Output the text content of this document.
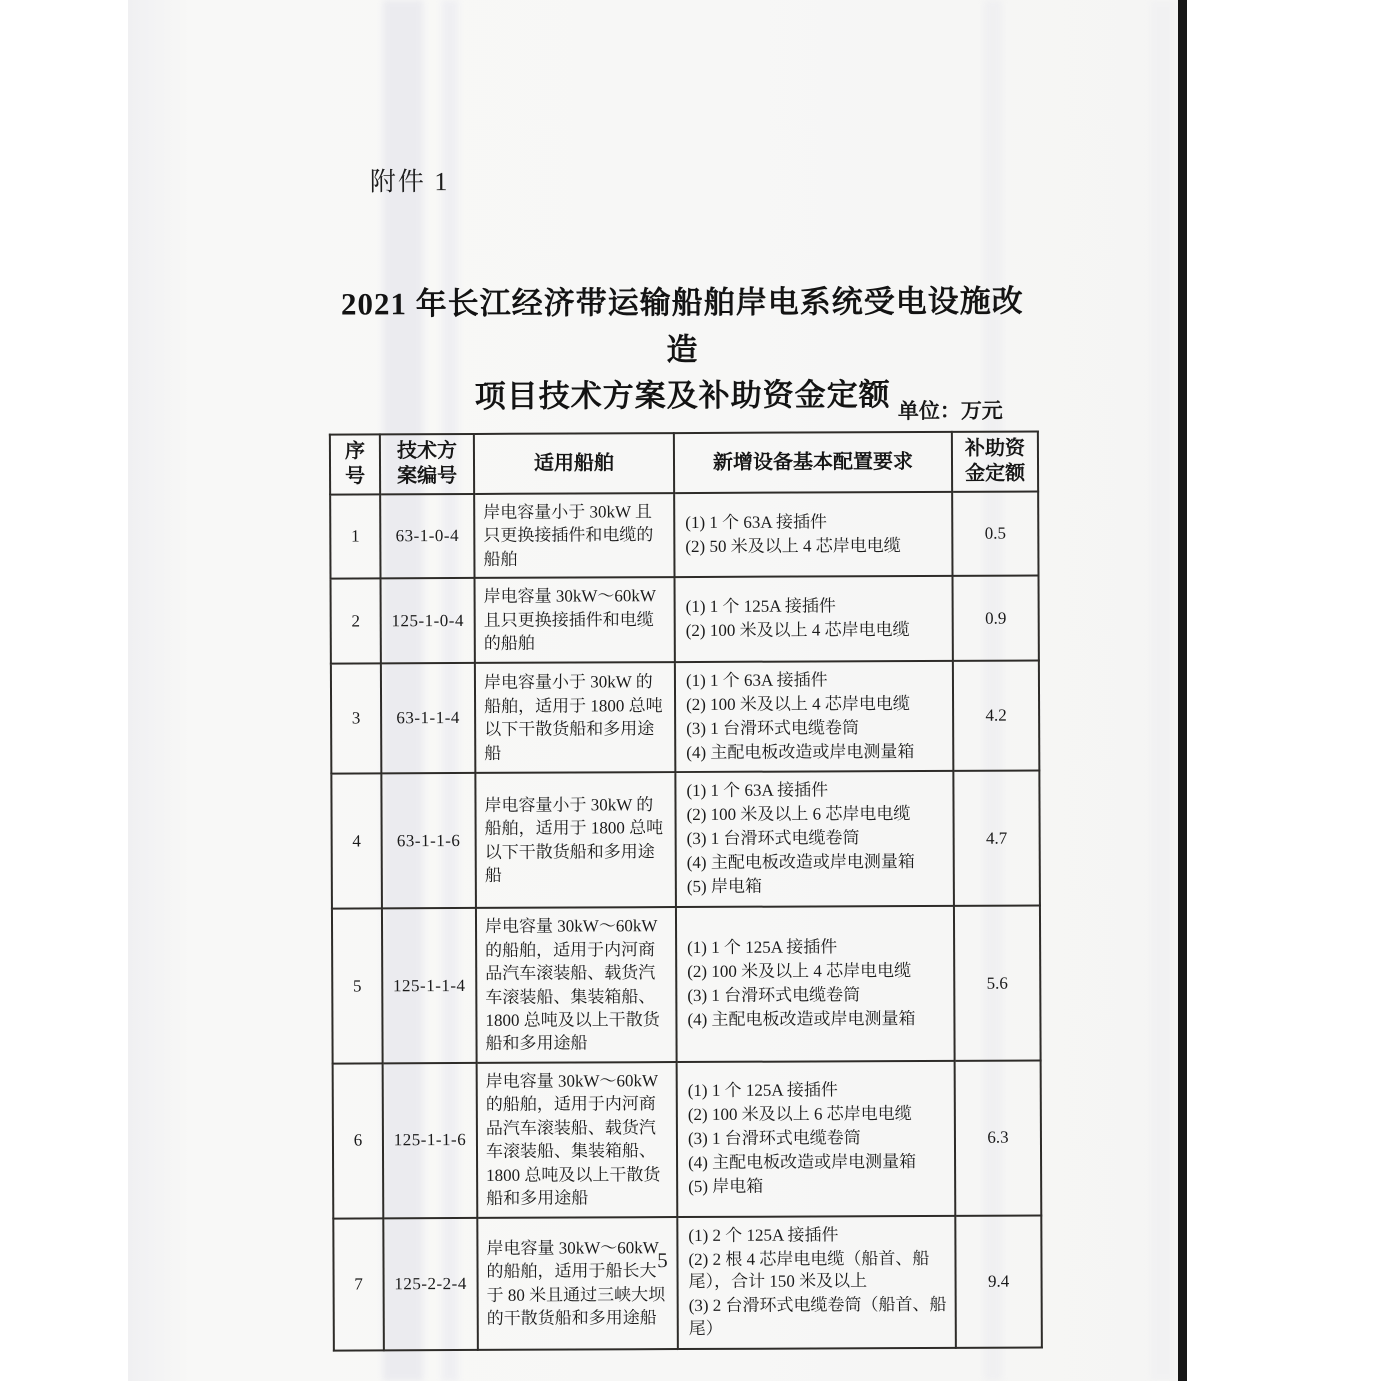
附件 1
2021 年长江经济带运输船舶岸电系统受电设施改造
项目技术方案及补助资金定额 单位：万元
序号	技术方案编号	适用船舶	新增设备基本配置要求	补助资金定额
1	63-1-0-4	岸电容量小于 30kW 且只更换接插件和电缆的船舶	(1) 1 个 63A 接插件
(2) 50 米及以上 4 芯岸电电缆	0.5
2	125-1-0-4	岸电容量 30kW～60kW 且只更换接插件和电缆的船舶	(1) 1 个 125A 接插件
(2) 100 米及以上 4 芯岸电电缆	0.9
3	63-1-1-4	岸电容量小于 30kW 的船舶，适用于 1800 总吨以下干散货船和多用途船	(1) 1 个 63A 接插件
(2) 100 米及以上 4 芯岸电电缆
(3) 1 台滑环式电缆卷筒
(4) 主配电板改造或岸电测量箱	4.2
4	63-1-1-6	岸电容量小于 30kW 的船舶，适用于 1800 总吨以下干散货船和多用途船	(1) 1 个 63A 接插件
(2) 100 米及以上 6 芯岸电电缆
(3) 1 台滑环式电缆卷筒
(4) 主配电板改造或岸电测量箱
(5) 岸电箱	4.7
5	125-1-1-4	岸电容量 30kW～60kW 的船舶，适用于内河商品汽车滚装船、载货汽车滚装船、集装箱船、1800 总吨及以上干散货船和多用途船	(1) 1 个 125A 接插件
(2) 100 米及以上 4 芯岸电电缆
(3) 1 台滑环式电缆卷筒
(4) 主配电板改造或岸电测量箱	5.6
6	125-1-1-6	岸电容量 30kW～60kW 的船舶，适用于内河商品汽车滚装船、载货汽车滚装船、集装箱船、1800 总吨及以上干散货船和多用途船	(1) 1 个 125A 接插件
(2) 100 米及以上 6 芯岸电电缆
(3) 1 台滑环式电缆卷筒
(4) 主配电板改造或岸电测量箱
(5) 岸电箱	6.3
7	125-2-2-4	岸电容量 30kW～60kW 的船舶，适用于船长大于 80 米且通过三峡大坝的干散货船和多用途船	(1) 2 个 125A 接插件
(2) 2 根 4 芯岸电电缆（船首、船尾），合计 150 米及以上
(3) 2 台滑环式电缆卷筒（船首、船尾）	9.4
5
